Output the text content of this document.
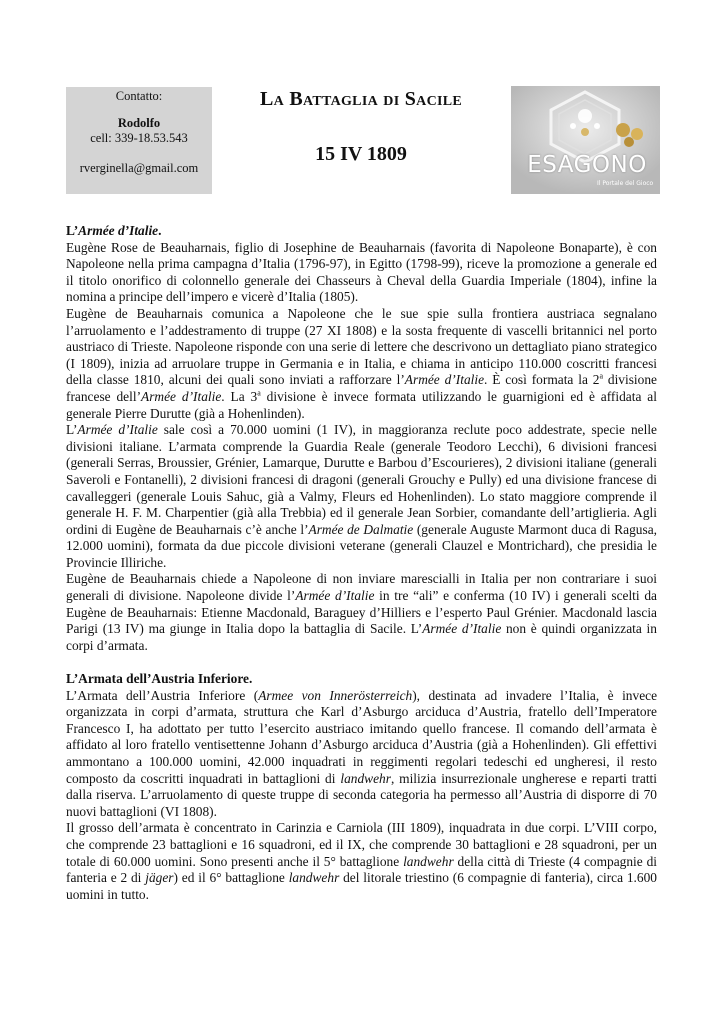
Contatto:
Rodolfo
cell: 339-18.53.543
rverginella@gmail.com
La Battaglia di Sacile
15 IV 1809	ESAGONO
Il Portale del Gioco
L’Armée d’Italie.

Eugène Rose de Beauharnais, figlio di Josephine de Beauharnais (favorita di Napoleone Bonaparte), è con Napoleone nella prima campagna d’Italia (1796-97), in Egitto (1798-99), riceve la promozione a generale ed il titolo onorifico di colonnello generale dei Chasseurs à Cheval della Guardia Imperiale (1804), infine la nomina a principe dell’impero e vicerè d’Italia (1805).

Eugène de Beauharnais comunica a Napoleone che le sue spie sulla frontiera austriaca segnalano l’arruolamento e l’addestramento di truppe (27 XI 1808) e la sosta frequente di vascelli britannici nel porto austriaco di Trieste. Napoleone risponde con una serie di lettere che descrivono un dettagliato piano strategico (I 1809), inizia ad arruolare truppe in Germania e in Italia, e chiama in anticipo 110.000 coscritti francesi della classe 1810, alcuni dei quali sono inviati a rafforzare l’Armée d’Italie. È così formata la 2$^a$ divisione francese dell’Armée d’Italie. La 3$^a$ divisione è invece formata utilizzando le guarnigioni ed è affidata al generale Pierre Durutte (già a Hohenlinden).

L’Armée d’Italie sale così a 70.000 uomini (1 IV), in maggioranza reclute poco addestrate, specie nelle divisioni italiane. L’armata comprende la Guardia Reale (generale Teodoro Lecchi), 6 divisioni francesi (generali Serras, Broussier, Grénier, Lamarque, Durutte e Barbou d’Escourieres), 2 divisioni italiane (generali Saveroli e Fontanelli), 2 divisioni francesi di dragoni (generali Grouchy e Pully) ed una divisione francese di cavalleggeri (generale Louis Sahuc, già a Valmy, Fleurs ed Hohenlinden). Lo stato maggiore comprende il generale H. F. M. Charpentier (già alla Trebbia) ed il generale Jean Sorbier, comandante dell’artiglieria. Agli ordini di Eugène de Beauharnais c’è anche l’Armée de Dalmatie (generale Auguste Marmont duca di Ragusa, 12.000 uomini), formata da due piccole divisioni veterane (generali Clauzel e Montrichard), che presidia le Provincie Illiriche.

Eugène de Beauharnais chiede a Napoleone di non inviare marescialli in Italia per non contrariare i suoi generali di divisione. Napoleone divide l’Armée d’Italie in tre “ali” e conferma (10 IV) i generali scelti da Eugène de Beauharnais: Etienne Macdonald, Baraguey d’Hilliers e l’esperto Paul Grénier. Macdonald lascia Parigi (13 IV) ma giunge in Italia dopo la battaglia di Sacile. L’Armée d’Italie non è quindi organizzata in corpi d’armata.

L’Armata dell’Austria Inferiore.

L’Armata dell’Austria Inferiore (Armee von Innerösterreich), destinata ad invadere l’Italia, è invece organizzata in corpi d’armata, struttura che Karl d’Asburgo arciduca d’Austria, fratello dell’Imperatore Francesco I, ha adottato per tutto l’esercito austriaco imitando quello francese. Il comando dell’armata è affidato al loro fratello ventisettenne Johann d’Asburgo arciduca d’Austria (già a Hohenlinden). Gli effettivi ammontano a 100.000 uomini, 42.000 inquadrati in reggimenti regolari tedeschi ed ungheresi, il resto composto da coscritti inquadrati in battaglioni di landwehr, milizia insurrezionale ungherese e reparti tratti dalla riserva. L’arruolamento di queste truppe di seconda categoria ha permesso all’Austria di disporre di 70 nuovi battaglioni (VI 1808).

Il grosso dell’armata è concentrato in Carinzia e Carniola (III 1809), inquadrata in due corpi. L’VIII corpo, che comprende 23 battaglioni e 16 squadroni, ed il IX, che comprende 30 battaglioni e 28 squadroni, per un totale di 60.000 uomini. Sono presenti anche il 5° battaglione landwehr della città di Trieste (4 compagnie di fanteria e 2 di jäger) ed il 6° battaglione landwehr del litorale triestino (6 compagnie di fanteria), circa 1.600 uomini in tutto.
